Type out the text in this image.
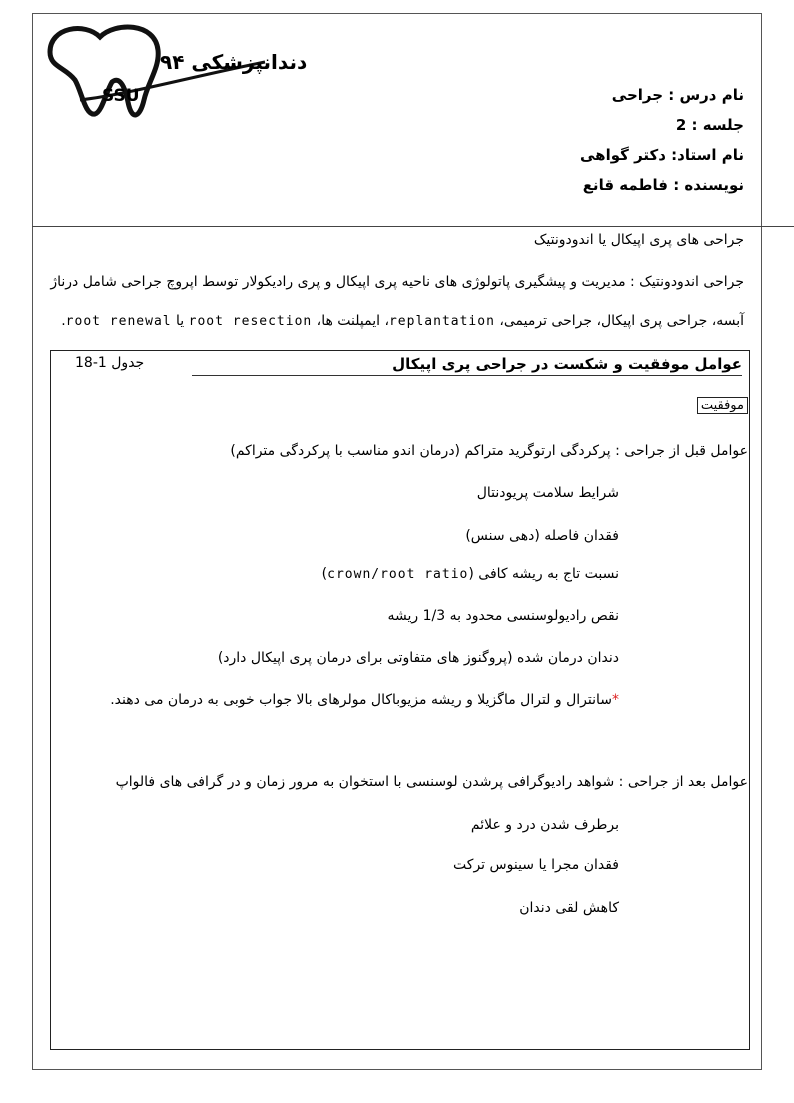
دندانپزشکی ۹۴
SSU	نام درس : جراحی
جلسه : 2
نام استاد: دکتر گواهی
نویسنده : فاطمه قانع
جراحی های پری اپیکال یا اندودونتیک
جراحی اندودونتیک : مدیریت و پیشگیری پاتولوژی های ناحیه پری اپیکال و پری رادیکولار توسط اپروچ جراحی شامل درناژ
آبسه، جراحی پری اپیکال، جراحی ترمیمی، replantation، ایمپلنت ها، root resection یا root renewal.
عوامل موفقیت و شکست در جراحی پری اپیکال
جدول 1-18
موفقیت
عوامل قبل از جراحی : پرکردگی ارتوگرید متراکم (درمان اندو مناسب با پرکردگی متراکم)
شرایط سلامت پریودنتال
فقدان فاصله (دهی سنس)
نسبت تاج به ریشه کافی (crown/root ratio)
نقص رادیولوسنسی محدود به 1/3 ریشه
دندان درمان شده (پروگنوز های متفاوتی برای درمان پری اپیکال دارد)
*سانترال و لترال ماگزیلا و ریشه مزیوباکال مولرهای بالا جواب خوبی به درمان می دهند.
عوامل بعد از جراحی : شواهد رادیوگرافی پرشدن لوسنسی با استخوان به مرور زمان و در گرافی های فالواپ
برطرف شدن درد و علائم
فقدان مجرا یا سینوس ترکت
کاهش لقی دندان
